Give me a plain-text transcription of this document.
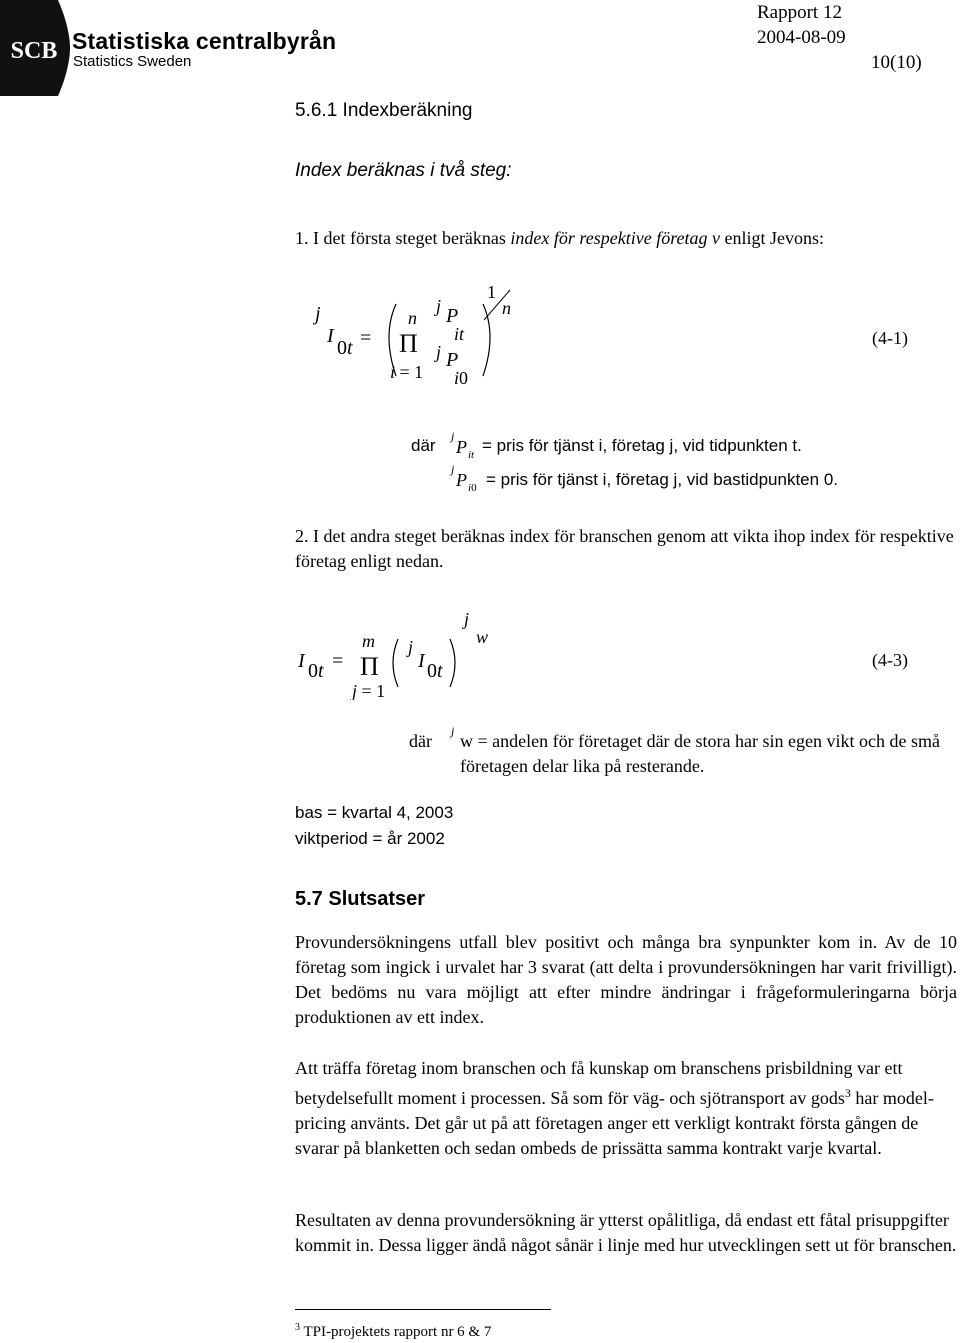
SCB Statistiska centralbyrån
Statistics Sweden
Rapport 12
2004-08-09
10(10)
5.6.1 Indexberäkning
Index beräknas i två steg:
1. I det första steget beräknas index för respektive företag v enligt Jevons:
j
I
0t =
n
Π
i = 1
j P
it
j P
i0
1
n
(4-1)
där j
P it = pris för tjänst i, företag j, vid tidpunkten t.
j
P i0 = pris för tjänst i, företag j, vid bastidpunkten 0.
2. I det andra steget beräknas index för branschen genom att vikta ihop index för respektive företag enligt nedan.
I 0t =
m
Π
j = 1
j
I 0t
j
w
(4-3)
där j w = andelen för företaget där de stora har sin egen vikt och de små företagen delar lika på resterande.
bas = kvartal 4, 2003
viktperiod = år 2002
5.7 Slutsatser
Provundersökningens utfall blev positivt och många bra synpunkter kom in. Av de 10 företag som ingick i urvalet har 3 svarat (att delta i provundersökningen har varit frivilligt). Det bedöms nu vara möjligt att efter mindre ändringar i frågeformuleringarna börja produktionen av ett index.
Att träffa företag inom branschen och få kunskap om branschens prisbildning var ett betydelsefullt moment i processen. Så som för väg- och sjötransport av gods$^3$ har model-pricing använts. Det går ut på att företagen anger ett verkligt kontrakt första gången de svarar på blanketten och sedan ombeds de prissätta samma kontrakt varje kvartal.
Resultaten av denna provundersökning är ytterst opålitliga, då endast ett fåtal prisuppgifter kommit in. Dessa ligger ändå något sånär i linje med hur utvecklingen sett ut för branschen.
$^3$ TPI-projektets rapport nr 6 & 7
